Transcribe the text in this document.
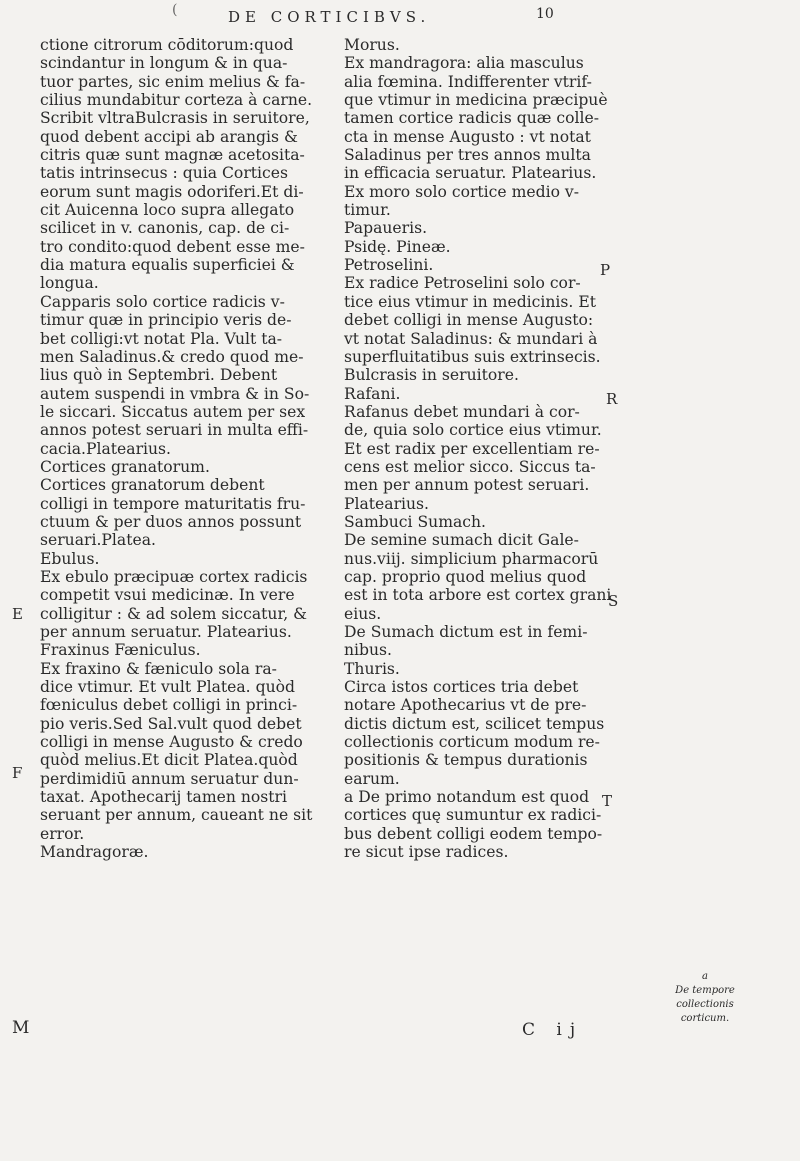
(	DE CORTICIBVS.	10
ctione citrorum cōditorum:quod
scindantur in longum & in qua-
tuor partes, sic enim melius & fa-
cilius mundabitur corteza à carne.
Scribit vltraBulcrasis in seruitore,
quod debent accipi ab arangis &
citris quæ sunt magnæ acetosita-
tatis intrinsecus : quia Cortices
eorum sunt magis odoriferi.Et di-
cit Auicenna loco supra allegato
scilicet in v. canonis, cap. de ci-
tro condito:quod debent esse me-
dia matura equalis superficiei &
longua.
Capparis solo cortice radicis v-
timur quæ in principio veris de-
bet colligi:vt notat Pla. Vult ta-
men Saladinus.& credo quod me-
lius quò in Septembri. Debent
autem suspendi in vmbra & in So-
le siccari. Siccatus autem per sex
annos potest seruari in multa effi-
cacia.Platearius.
Cortices granatorum.
Cortices granatorum debent
colligi in tempore maturitatis fru-
ctuum & per duos annos possunt
seruari.Platea.
Ebulus.
Ex ebulo præcipuæ cortex radicis
competit vsui medicinæ. In vere
colligitur : & ad solem siccatur, &
per annum seruatur. Platearius.
Fraxinus Fæniculus.
Ex fraxino & fæniculo sola ra-
dice vtimur. Et vult Platea. quòd
fœniculus debet colligi in princi-
pio veris.Sed Sal.vult quod debet
colligi in mense Augusto & credo
quòd melius.Et dicit Platea.quòd
perdimidiū annum seruatur dun-
taxat. Apothecarij tamen nostri
seruant per annum, caueant ne sit
error.
Mandragoræ.
Morus.
Ex mandragora: alia masculus
alia fœmina. Indifferenter vtrif-
que vtimur in medicina præcipuè
tamen cortice radicis quæ colle-
cta in mense Augusto : vt notat
Saladinus per tres annos multa
in efficacia seruatur. Platearius.
Ex moro solo cortice medio v-
timur.
Papaueris.
Psidę. Pineæ.
Petroselini.
Ex radice Petroselini solo cor-
tice eius vtimur in medicinis. Et
debet colligi in mense Augusto:
vt notat Saladinus: & mundari à
superfluitatibus suis extrinsecis.
Bulcrasis in seruitore.
Rafani.
Rafanus debet mundari à cor-
de, quia solo cortice eius vtimur.
Et est radix per excellentiam re-
cens est melior sicco. Siccus ta-
men per annum potest seruari.
Platearius.
Sambuci Sumach.
De semine sumach dicit Gale-
nus.viij. simplicium pharmacorū
cap. proprio quod melius quod
est in tota arbore est cortex grani
eius.
De Sumach dictum est in femi-
nibus.
Thuris.
Circa istos cortices tria debet
notare Apothecarius vt de pre-
dictis dictum est, scilicet tempus
collectionis corticum modum re-
positionis & tempus durationis
earum.
a De primo notandum est quod
cortices quę sumuntur ex radici-
bus debent colligi eodem tempo-
re sicut ipse radices.
E
F
M
P
R
S
T
a
De tempore
collectionis
corticum.
C ij
